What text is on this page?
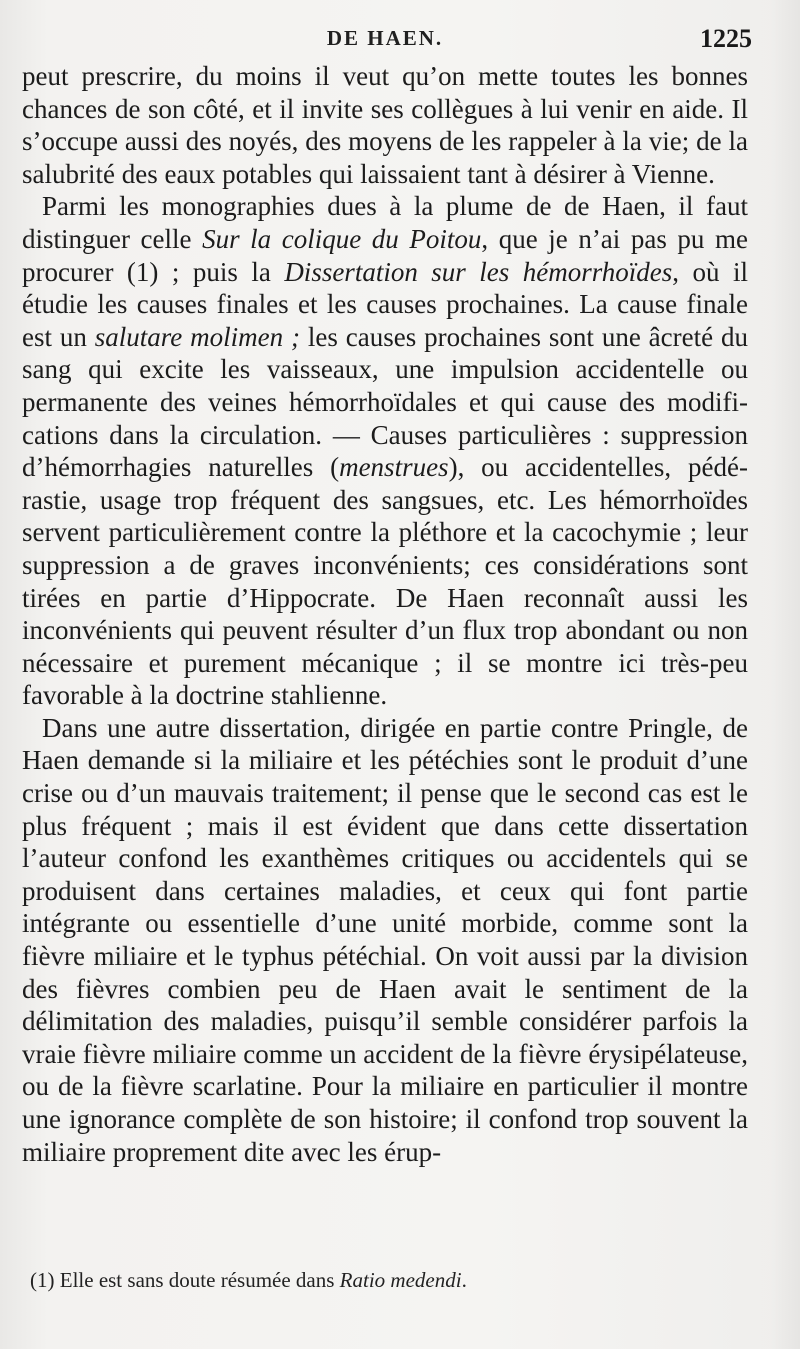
DE HAEN.	1225

peut prescrire, du moins il veut qu’on mette toutes les bonnes chances de son côté, et il invite ses collègues à lui venir en aide. Il s’occupe aussi des noyés, des moyens de les rappeler à la vie; de la salubrité des eaux potables qui laissaient tant à désirer à Vienne.

Parmi les monographies dues à la plume de de Haen, il faut distinguer celle Sur la colique du Poitou, que je n’ai pas pu me procurer (1) ; puis la Dissertation sur les hémorrhoïdes, où il étudie les causes finales et les causes prochaines. La cause finale est un salutare molimen ; les causes prochaines sont une âcreté du sang qui excite les vaisseaux, une impulsion accidentelle ou permanente des veines hémorrhoïdales et qui cause des modifications dans la circulation. — Causes particulières : suppression d’hémorrhagies naturelles (menstrues), ou accidentelles, pédérastie, usage trop fréquent des sangsues, etc. Les hémorrhoïdes servent particulièrement contre la pléthore et la cacochymie ; leur suppression a de graves inconvénients; ces considérations sont tirées en partie d’Hippocrate. De Haen reconnaît aussi les inconvénients qui peuvent résulter d’un flux trop abondant ou non nécessaire et purement mécanique ; il se montre ici très-peu favorable à la doctrine stahlienne.

Dans une autre dissertation, dirigée en partie contre Pringle, de Haen demande si la miliaire et les pétéchies sont le produit d’une crise ou d’un mauvais traitement; il pense que le second cas est le plus fréquent ; mais il est évident que dans cette dissertation l’auteur confond les exanthèmes critiques ou accidentels qui se produisent dans certaines maladies, et ceux qui font partie intégrante ou essentielle d’une unité morbide, comme sont la fièvre miliaire et le typhus pétéchial. On voit aussi par la division des fièvres combien peu de Haen avait le sentiment de la délimitation des maladies, puisqu’il semble considérer parfois la vraie fièvre miliaire comme un accident de la fièvre érysipélateuse, ou de la fièvre scarlatine. Pour la miliaire en particulier il montre une ignorance complète de son histoire; il confond trop souvent la miliaire proprement dite avec les érup-

(1) Elle est sans doute résumée dans Ratio medendi.
